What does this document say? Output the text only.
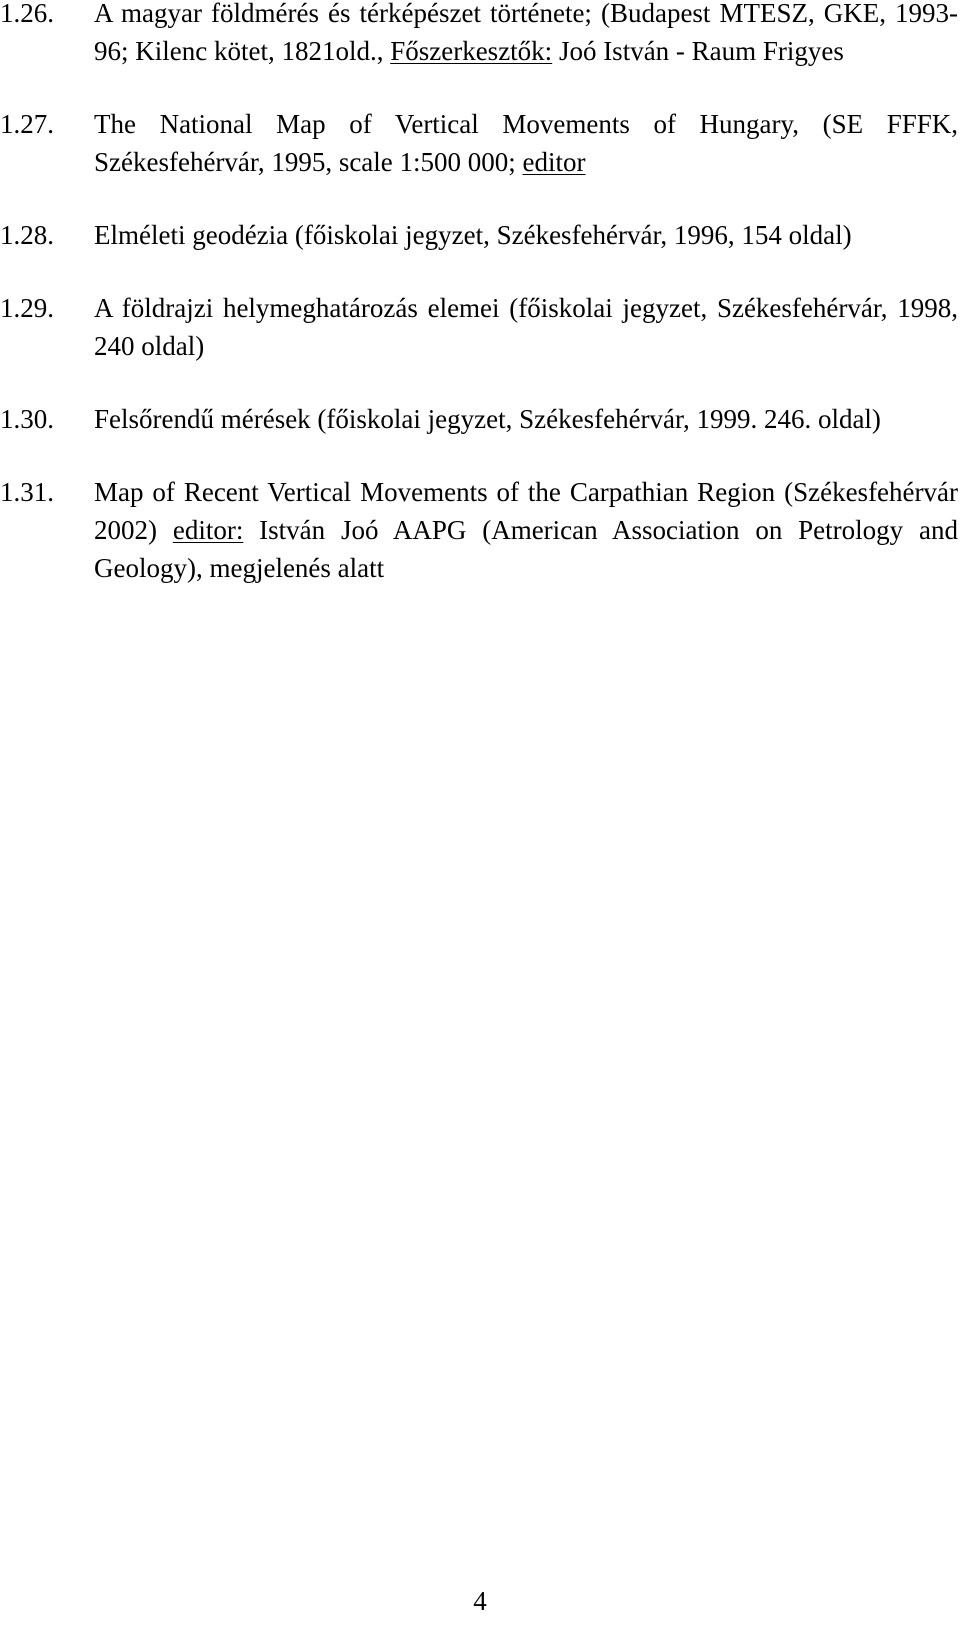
1.26.	A magyar földmérés és térképészet története; (Budapest MTESZ, GKE, 1993-96; Kilenc kötet, 1821old., Főszerkesztők: Joó István - Raum Frigyes
1.27.	The National Map of Vertical Movements of Hungary, (SE FFFK, Székesfehérvár, 1995, scale 1:500 000; editor
1.28.	Elméleti geodézia (főiskolai jegyzet, Székesfehérvár, 1996, 154 oldal)
1.29.	A földrajzi helymeghatározás elemei (főiskolai jegyzet, Székesfehérvár, 1998, 240 oldal)
1.30.	Felsőrendű mérések (főiskolai jegyzet, Székesfehérvár, 1999. 246. oldal)
1.31.	Map of Recent Vertical Movements of the Carpathian Region (Székesfehérvár 2002) editor: István Joó AAPG (American Association on Petrology and Geology), megjelenés alatt
4
